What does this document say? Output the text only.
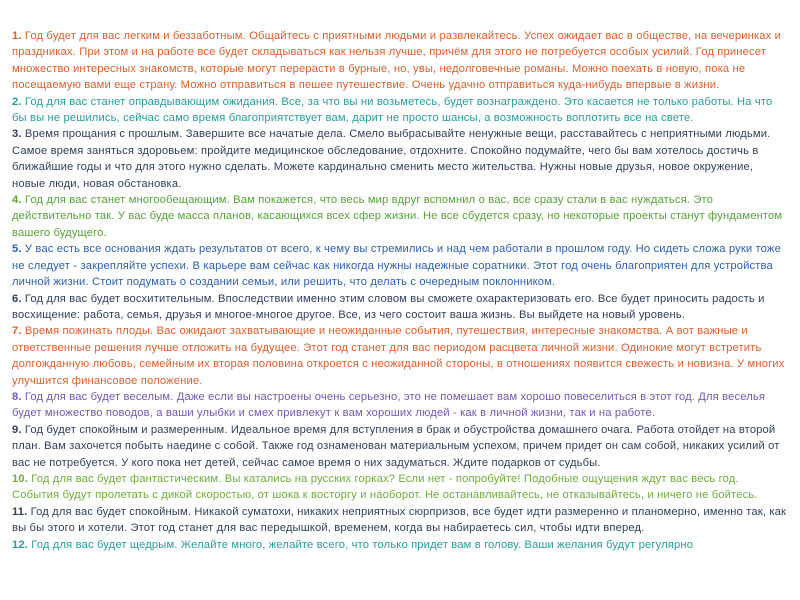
1. Год будет для вас легким и беззаботным. Общайтесь с приятными людьми и развлекайтесь. Успех ожидает вас в обществе, на вечеринках и праздниках. При этом и на работе все будет складываться как нельзя лучше, причём для этого не потребуется особых усилий. Год принесет множество интересных знакомств, которые могут перерасти в бурные, но, увы, недолговечные романы. Можно поехать в новую, пока не посещаемую вами еще страну. Можно отправиться в пешее путешествие. Очень удачно отправиться куда-нибудь впервые в жизни.

2. Год для вас станет оправдывающим ожидания. Все, за что вы ни возьметесь, будет вознаграждено. Это касается не только работы. На что бы вы не решились, сейчас само время благоприятствует вам, дарит не просто шансы, а возможность воплотить все на свете.

3. Время прощания с прошлым. Завершите все начатые дела. Смело выбрасывайте ненужные вещи, расставайтесь с неприятными людьми. Самое время заняться здоровьем: пройдите медицинское обследование, отдохните. Спокойно подумайте, чего бы вам хотелось достичь в ближайшие годы и что для этого нужно сделать. Можете кардинально сменить место жительства. Нужны новые друзья, новое окружение, новые люди, новая обстановка.

4. Год для вас станет многообещающим. Вам покажется, что весь мир вдруг вспомнил о вас, все сразу стали в вас нуждаться. Это действительно так. У вас буде масса планов, касающихся всех сфер жизни. Не все сбудется сразу, но некоторые проекты станут фундаментом вашего будущего.

5. У вас есть все основания ждать результатов от всего, к чему вы стремились и над чем работали в прошлом году. Но сидеть сложа руки тоже не следует - закрепляйте успехи. В карьере вам сейчас как никогда нужны надежные соратники. Этот год очень благоприятен для устройства личной жизни. Стоит подумать о создании семьи, или решить, что делать с очередным поклонником.

6. Год для вас будет восхитительным. Впоследствии именно этим словом вы сможете охарактеризовать его. Все будет приносить радость и восхищение: работа, семья, друзья и многое-многое другое. Все, из чего состоит ваша жизнь. Вы выйдете на новый уровень.

7. Время пожинать плоды. Вас ожидают захватывающие и неожиданные события, путешествия, интересные знакомства. А вот важные и ответственные решения лучше отложить на будущее. Этот год станет для вас периодом расцвета личной жизни. Одинокие могут встретить долгожданную любовь, семейным их вторая половина откроется с неожиданной стороны, в отношениях появится свежесть и новизна. У многих улучшится финансовое положение.

8. Год для вас будет веселым. Даже если вы настроены очень серьезно, это не помешает вам хорошо повеселиться в этот год. Для веселья будет множество поводов, а ваши улыбки и смех привлекут к вам хороших людей - как в личной жизни, так и на работе.

9. Год будет спокойным и размеренным. Идеальное время для вступления в брак и обустройства домашнего очага. Работа отойдет на второй план. Вам захочется побыть наедине с собой. Также год ознаменован материальным успехом, причем придет он сам собой, никаких усилий от вас не потребуется. У кого пока нет детей, сейчас самое время о них задуматься. Ждите подарков от судьбы.

10. Год для вас будет фантастическим. Вы катались на русских горках? Если нет - попробуйте! Подобные ощущения ждут вас весь год. События будут пролетать с дикой скоростью, от шока к восторгу и наоборот. Не останавливайтесь, не отказывайтесь, и ничего не бойтесь.

11. Год для вас будет спокойным. Никакой суматохи, никаких неприятных сюрпризов, все будет идти размеренно и планомерно, именно так, как вы бы этого и хотели. Этот год станет для вас передышкой, временем, когда вы набираетесь сил, чтобы идти вперед.

12. Год для вас будет щедрым. Желайте много, желайте всего, что только придет вам в голову. Ваши желания будут регулярно
